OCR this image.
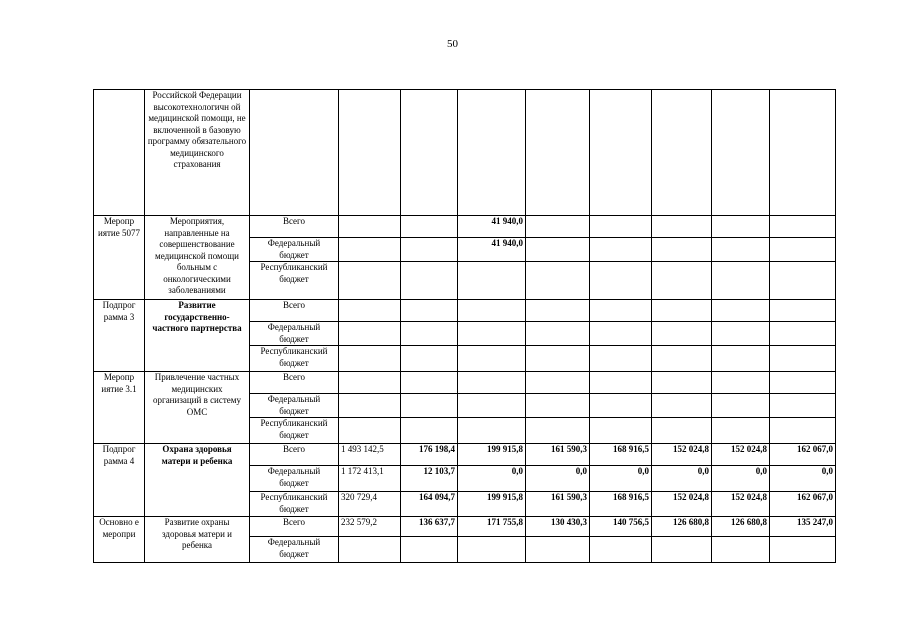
50
	Российской Федерации высокотехнологичн ой медицинской помощи, не включенной в базовую программу обязательного медицинского страхования									
Меропр иятие 5077	Мероприятия, направленные на совершенствование медицинской помощи больным с онкологическими заболеваниями	Всего			41 940,0					
		Федеральный бюджет			41 940,0					
		Республиканский бюджет								
Подпрог рамма 3	Развитие государственно-частного партнерства	Всего								
		Федеральный бюджет								
		Республиканский бюджет								
Меропр иятие 3.1	Привлечение частных медицинских организаций в систему ОМС	Всего								
		Федеральный бюджет								
		Республиканский бюджет								
Подпрог рамма 4	Охрана здоровья матери и ребенка	Всего	1 493 142,5	176 198,4	199 915,8	161 590,3	168 916,5	152 024,8	152 024,8	162 067,0
		Федеральный бюджет	1 172 413,1	12 103,7	0,0	0,0	0,0	0,0	0,0	0,0
		Республиканский бюджет	320 729,4	164 094,7	199 915,8	161 590,3	168 916,5	152 024,8	152 024,8	162 067,0
Основно е меропри	Развитие охраны здоровья матери и ребенка	Всего	232 579,2	136 637,7	171 755,8	130 430,3	140 756,5	126 680,8	126 680,8	135 247,0
		Федеральный бюджет								
